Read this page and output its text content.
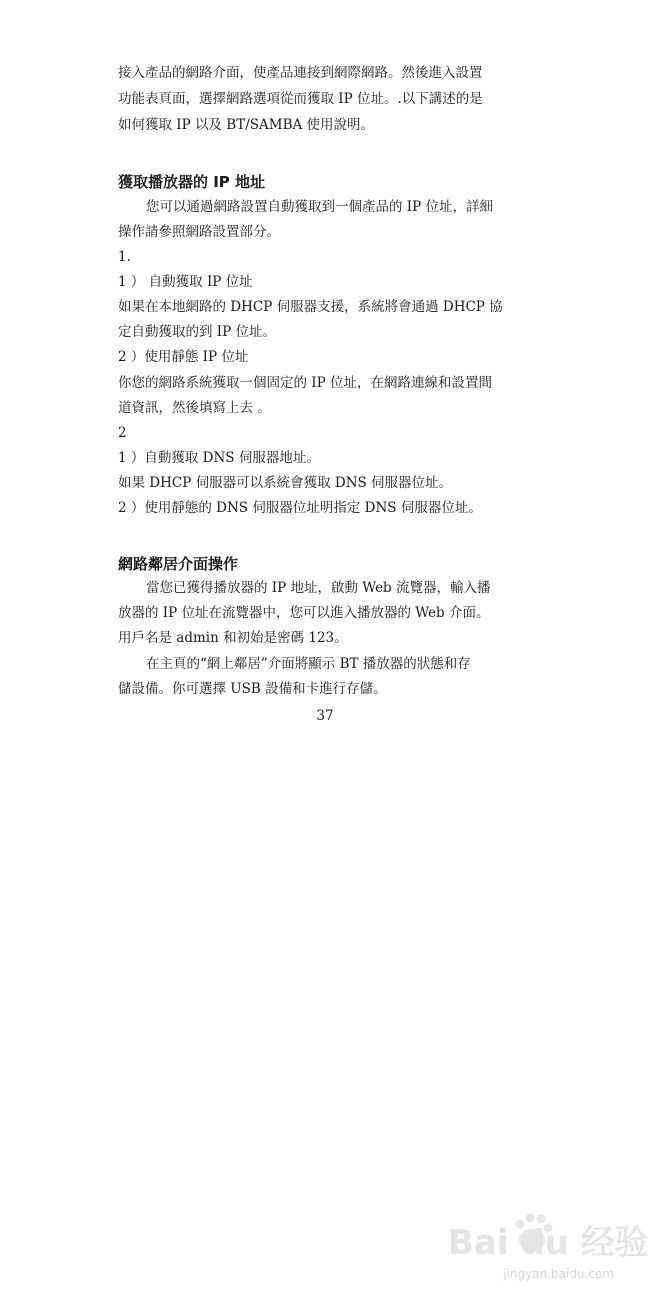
接入產品的網路介面，使產品連接到網際網路。然後進入設置
功能表頁面，選擇網路選項從而獲取 IP 位址。.以下講述的是
如何獲取 IP 以及 BT/SAMBA 使用說明。
獲取播放器的 IP 地址
您可以通過網路設置自動獲取到一個產品的 IP 位址，詳細
操作請參照網路設置部分。
1.
1 ） 自動獲取 IP 位址
如果在本地網路的 DHCP 伺服器支援，系統將會通過 DHCP 協
定自動獲取的到 IP 位址。
2 ）使用靜態 IP 位址
你您的網路系統獲取一個固定的 IP 位址，在網路連線和設置間
道資訊，然後填寫上去 。
2
1 ）自動獲取 DNS 伺服器地址。
如果 DHCP 伺服器可以系統會獲取 DNS 伺服器位址。
2 ）使用靜態的 DNS 伺服器位址明指定 DNS 伺服器位址。
網路鄰居介面操作
當您已獲得播放器的 IP 地址，啟動 Web 流覽器，輸入播
放器的 IP 位址在流覽器中，您可以進入播放器的 Web 介面。
用戶名是 admin 和初始是密碼 123。
在主頁的“網上鄰居”介面將顯示 BT 播放器的狀態和存
儲設備。你可選擇 USB 設備和卡進行存儲。
37
Bai du 经验
jingyan.baidu.com
